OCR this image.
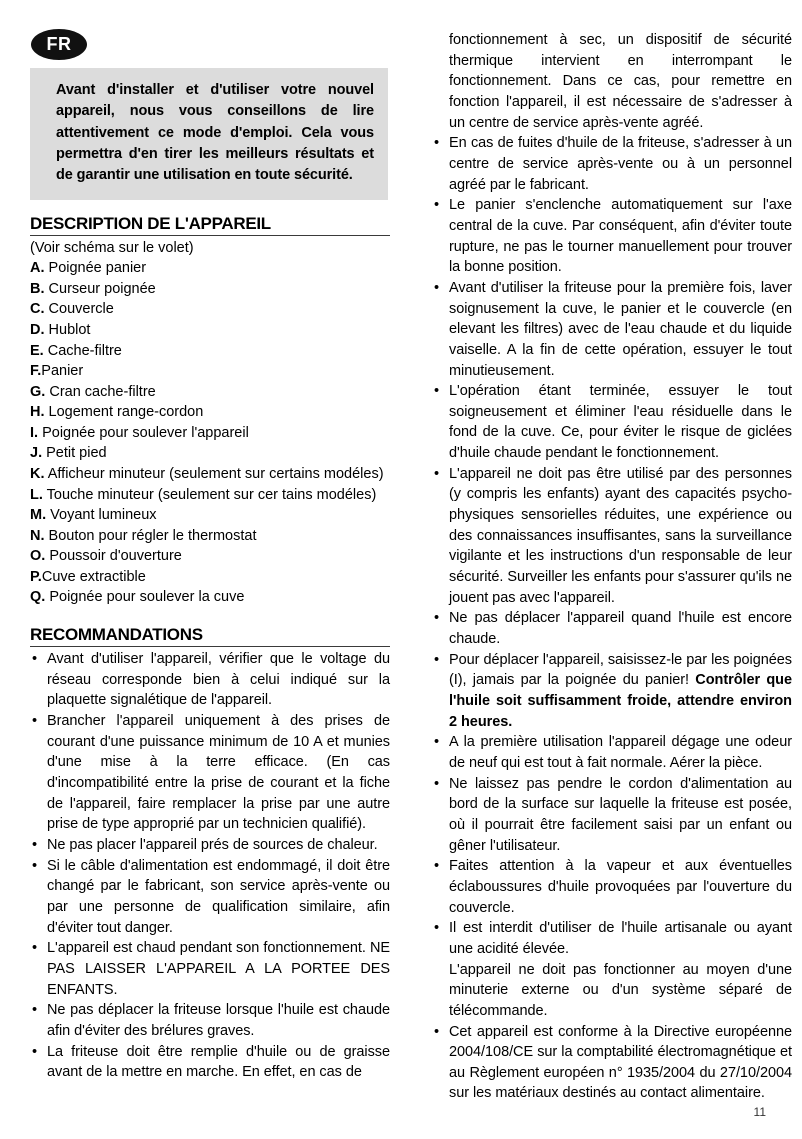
FR

Avant d'installer et d'utiliser votre nouvel appareil, nous vous conseillons de lire attentivement ce mode d'emploi. Cela vous permettra d'en tirer les meilleurs résultats et de garantir une utilisation en toute sécurité.

DESCRIPTION DE L'APPAREIL

(Voir schéma sur le volet)

A. Poignée panier
B. Curseur poignée
C. Couvercle
D. Hublot
E. Cache-filtre
F.Panier
G. Cran cache-filtre
H. Logement range-cordon
I. Poignée pour soulever l'appareil
J. Petit pied
K. Afficheur minuteur (seulement sur certains modéles)
L. Touche minuteur (seulement sur cer tains modéles)
M. Voyant lumineux
N. Bouton pour régler le thermostat
O. Poussoir d'ouverture
P.Cuve extractible
Q. Poignée pour soulever la cuve
RECOMMANDATIONS
• Avant d'utiliser l'appareil, vérifier que le voltage du réseau corresponde bien à celui indiqué sur la plaquette signalétique de l'appareil.
• Brancher l'appareil uniquement à des prises de courant d'une puissance minimum de 10 A et munies d'une mise à la terre efficace. (En cas d'incompatibilité entre la prise de courant et la fiche de l'appareil, faire remplacer la prise par une autre prise de type approprié par un technicien qualifié).
• Ne pas placer l'appareil prés de sources de chaleur.
• Si le câble d'alimentation est endommagé, il doit être changé par le fabricant, son service après-vente ou par une personne de qualification similaire, afin d'éviter tout danger.
• L'appareil est chaud pendant son fonctionnement. NE PAS LAISSER L'APPAREIL A LA PORTEE DES ENFANTS.
• Ne pas déplacer la friteuse lorsque l'huile est chaude afin d'éviter des brélures graves.
• La friteuse doit être remplie d'huile ou de graisse avant de la mettre en marche. En effet, en cas de

fonctionnement à sec, un dispositif de sécurité thermique intervient en interrompant le fonctionnement. Dans ce cas, pour remettre en fonction l'appareil, il est nécessaire de s'adresser à un centre de service après-vente agréé.

• En cas de fuites d'huile de la friteuse, s'adresser à un centre de service après-vente ou à un personnel agréé par le fabricant.
• Le panier s'enclenche automatiquement sur l'axe central de la cuve. Par conséquent, afin d'éviter toute rupture, ne pas le tourner manuellement pour trouver la bonne position.
• Avant d'utiliser la friteuse pour la première fois, laver soignusement la cuve, le panier et le couvercle (en elevant les filtres) avec de l'eau chaude et du liquide vaiselle. A la fin de cette opération, essuyer le tout minutieusement.
• L'opération étant terminée, essuyer le tout soigneusement et éliminer l'eau résiduelle dans le fond de la cuve. Ce, pour éviter le risque de giclées d'huile chaude pendant le fonctionnement.
• L'appareil ne doit pas être utilisé par des personnes (y compris les enfants) ayant des capacités psycho-physiques sensorielles réduites, une expérience ou des connaissances insuffisantes, sans la surveillance vigilante et les instructions d'un responsable de leur sécurité. Surveiller les enfants pour s'assurer qu'ils ne jouent pas avec l'appareil.
• Ne pas déplacer l'appareil quand l'huile est encore chaude.
• Pour déplacer l'appareil, saisissez-le par les poignées (I), jamais par la poignée du panier! Contrôler que l'huile soit suffisamment froide, attendre environ 2 heures.
• A la première utilisation l'appareil dégage une odeur de neuf qui est tout à fait normale. Aérer la pièce.
• Ne laissez pas pendre le cordon d'alimentation au bord de la surface sur laquelle la friteuse est posée, où il pourrait être facilement saisi par un enfant ou gêner l'utilisateur.
• Faites attention à la vapeur et aux éventuelles éclaboussures d'huile provoquées par l'ouverture du couvercle.
• Il est interdit d'utiliser de l'huile artisanale ou ayant une acidité élevée.
L'appareil ne doit pas fonctionner au moyen d'une minuterie externe ou d'un système séparé de télécommande.
• Cet appareil est conforme à la Directive européenne 2004/108/CE sur la comptabilité électromagnétique et au Règlement européen n° 1935/2004 du 27/10/2004 sur les matériaux destinés au contact alimentaire.
11
